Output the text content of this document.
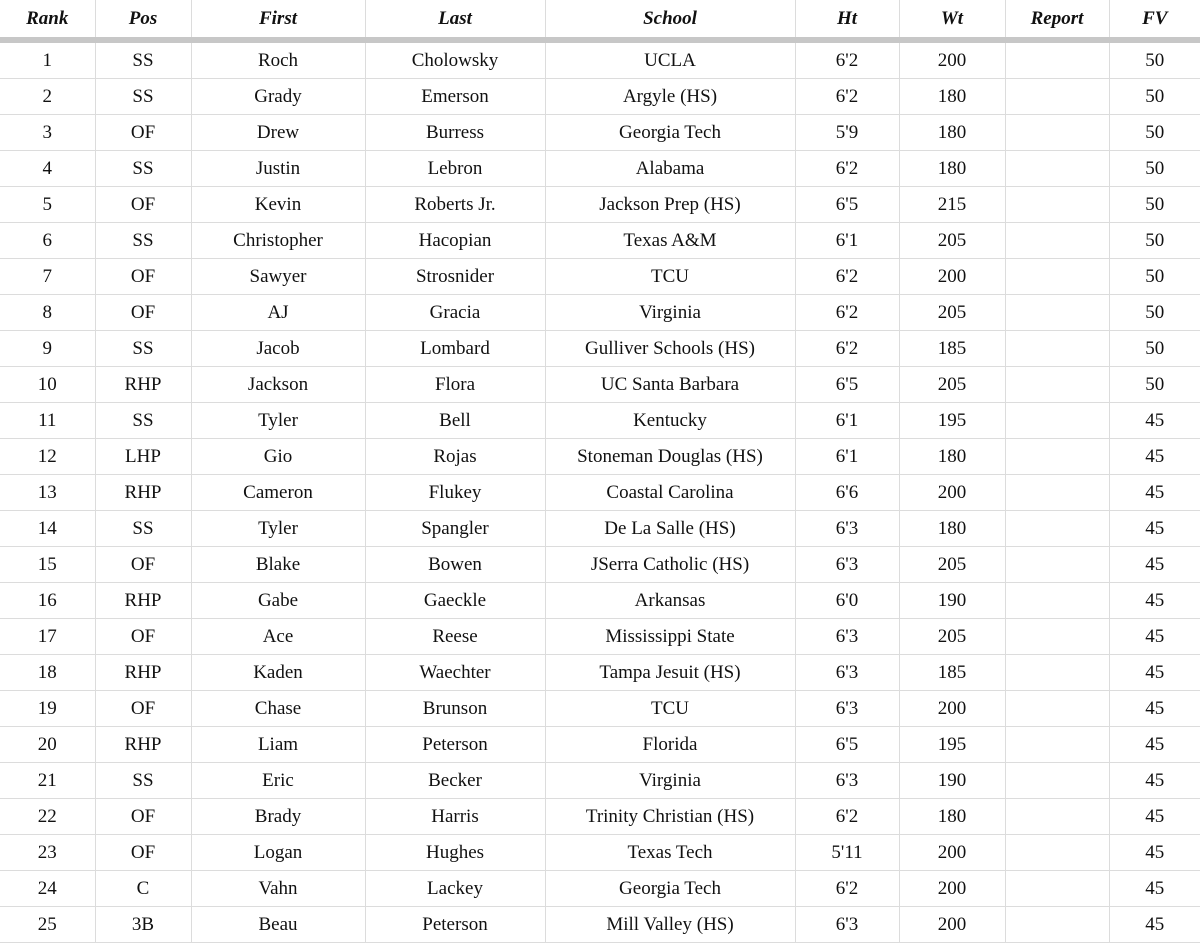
Rank	Pos	First	Last	School	Ht	Wt	Report	FV
1	SS	Roch	Cholowsky	UCLA	6'2	200		50
2	SS	Grady	Emerson	Argyle (HS)	6'2	180		50
3	OF	Drew	Burress	Georgia Tech	5'9	180		50
4	SS	Justin	Lebron	Alabama	6'2	180		50
5	OF	Kevin	Roberts Jr.	Jackson Prep (HS)	6'5	215		50
6	SS	Christopher	Hacopian	Texas A&M	6'1	205		50
7	OF	Sawyer	Strosnider	TCU	6'2	200		50
8	OF	AJ	Gracia	Virginia	6'2	205		50
9	SS	Jacob	Lombard	Gulliver Schools (HS)	6'2	185		50
10	RHP	Jackson	Flora	UC Santa Barbara	6'5	205		50
11	SS	Tyler	Bell	Kentucky	6'1	195		45
12	LHP	Gio	Rojas	Stoneman Douglas (HS)	6'1	180		45
13	RHP	Cameron	Flukey	Coastal Carolina	6'6	200		45
14	SS	Tyler	Spangler	De La Salle (HS)	6'3	180		45
15	OF	Blake	Bowen	JSerra Catholic (HS)	6'3	205		45
16	RHP	Gabe	Gaeckle	Arkansas	6'0	190		45
17	OF	Ace	Reese	Mississippi State	6'3	205		45
18	RHP	Kaden	Waechter	Tampa Jesuit (HS)	6'3	185		45
19	OF	Chase	Brunson	TCU	6'3	200		45
20	RHP	Liam	Peterson	Florida	6'5	195		45
21	SS	Eric	Becker	Virginia	6'3	190		45
22	OF	Brady	Harris	Trinity Christian (HS)	6'2	180		45
23	OF	Logan	Hughes	Texas Tech	5'11	200		45
24	C	Vahn	Lackey	Georgia Tech	6'2	200		45
25	3B	Beau	Peterson	Mill Valley (HS)	6'3	200		45
